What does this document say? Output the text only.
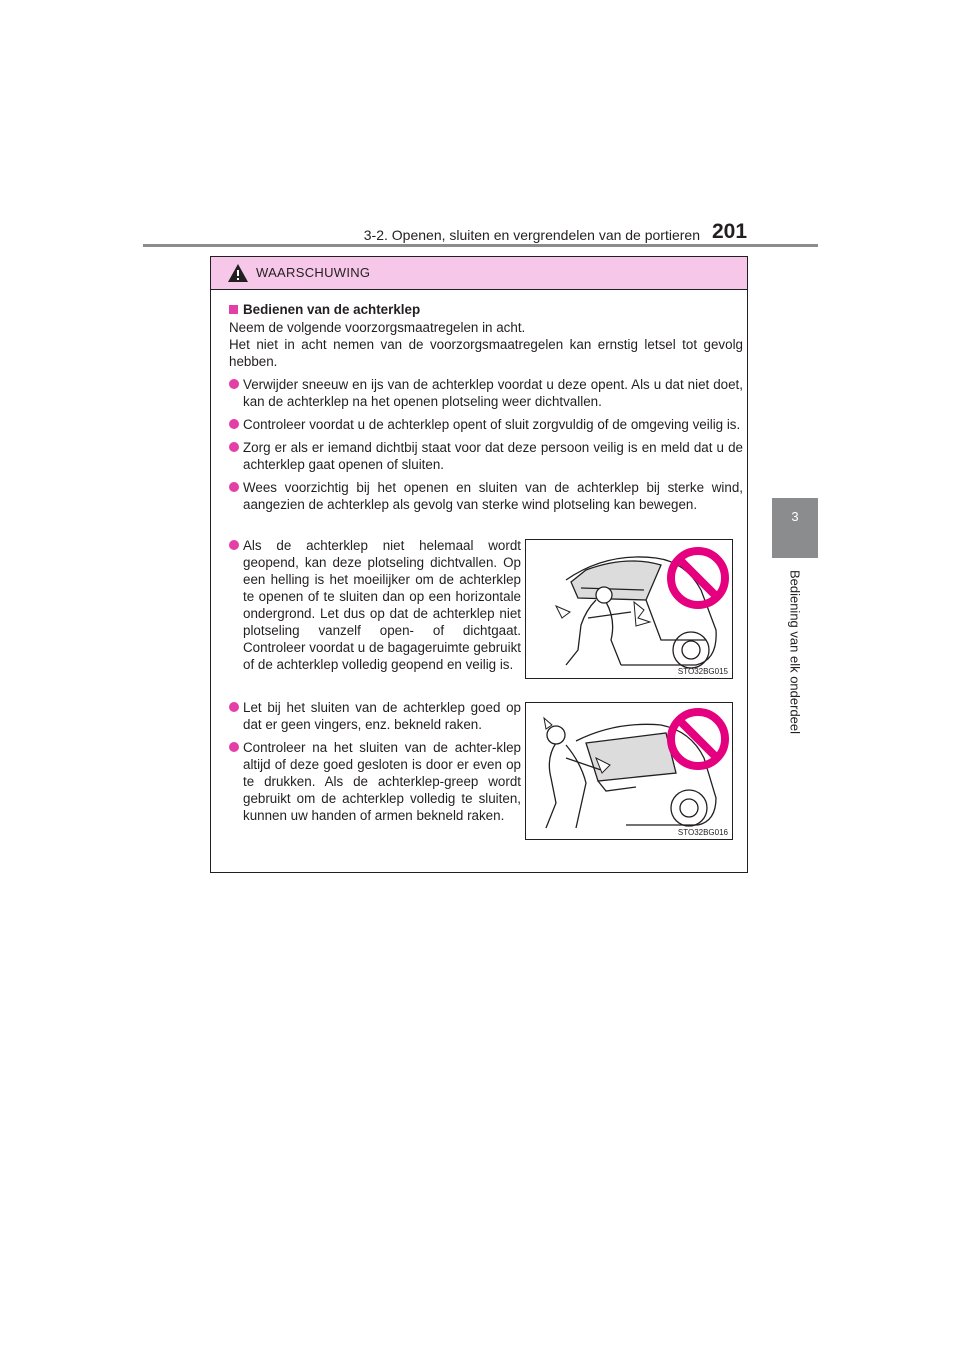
3-2. Openen, sluiten en vergrendelen van de portieren 201
3
Bediening van elk onderdeel
WAARSCHUWING
Bedienen van de achterklep
Neem de volgende voorzorgsmaatregelen in acht.
Het niet in acht nemen van de voorzorgsmaatregelen kan ernstig letsel tot gevolg hebben.
Verwijder sneeuw en ijs van de achterklep voordat u deze opent. Als u dat niet doet, kan de achterklep na het openen plotseling weer dichtvallen.
Controleer voordat u de achterklep opent of sluit zorgvuldig of de omgeving veilig is.
Zorg er als er iemand dichtbij staat voor dat deze persoon veilig is en meld dat u de achterklep gaat openen of sluiten.
Wees voorzichtig bij het openen en sluiten van de achterklep bij sterke wind, aangezien de achterklep als gevolg van sterke wind plotseling kan bewegen.
Als de achterklep niet helemaal wordt geopend, kan deze plotseling dichtvallen. Op een helling is het moeilijker om de achterklep te openen of te sluiten dan op een horizontale ondergrond. Let dus op dat de achterklep niet plotseling vanzelf open- of dichtgaat. Controleer voordat u de bagageruimte gebruikt of de achterklep volledig geopend en veilig is.	STO32BG015
Let bij het sluiten van de achterklep goed op dat er geen vingers, enz. bekneld raken.
Controleer na het sluiten van de achter-klep altijd of deze goed gesloten is door er even op te drukken. Als de achterklep-greep wordt gebruikt om de achterklep volledig te sluiten, kunnen uw handen of armen bekneld raken.
STO32BG016
